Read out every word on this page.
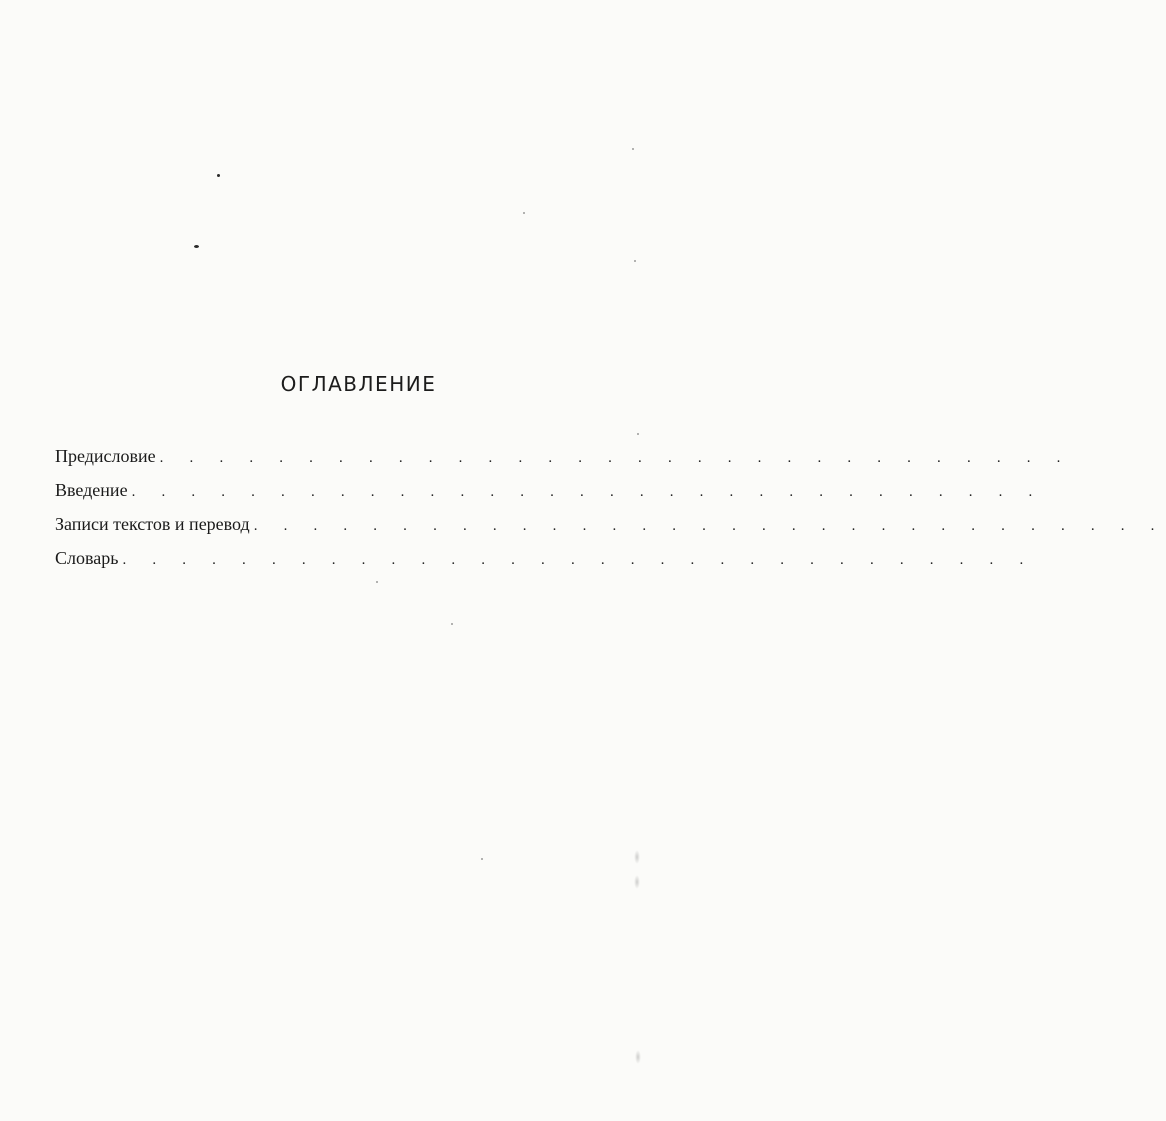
ОГЛАВЛЕНИЕ
Предисловие . . . . . . . . . . . . . . . . . . . . . . . . . . . . . . .
Введение . . . . . . . . . . . . . . . . . . . . . . . . . . . . . . .
Записи текстов и перевод . . . . . . . . . . . . . . . . . . . . . . . . . . . . . . .
Словарь . . . . . . . . . . . . . . . . . . . . . . . . . . . . . . .
